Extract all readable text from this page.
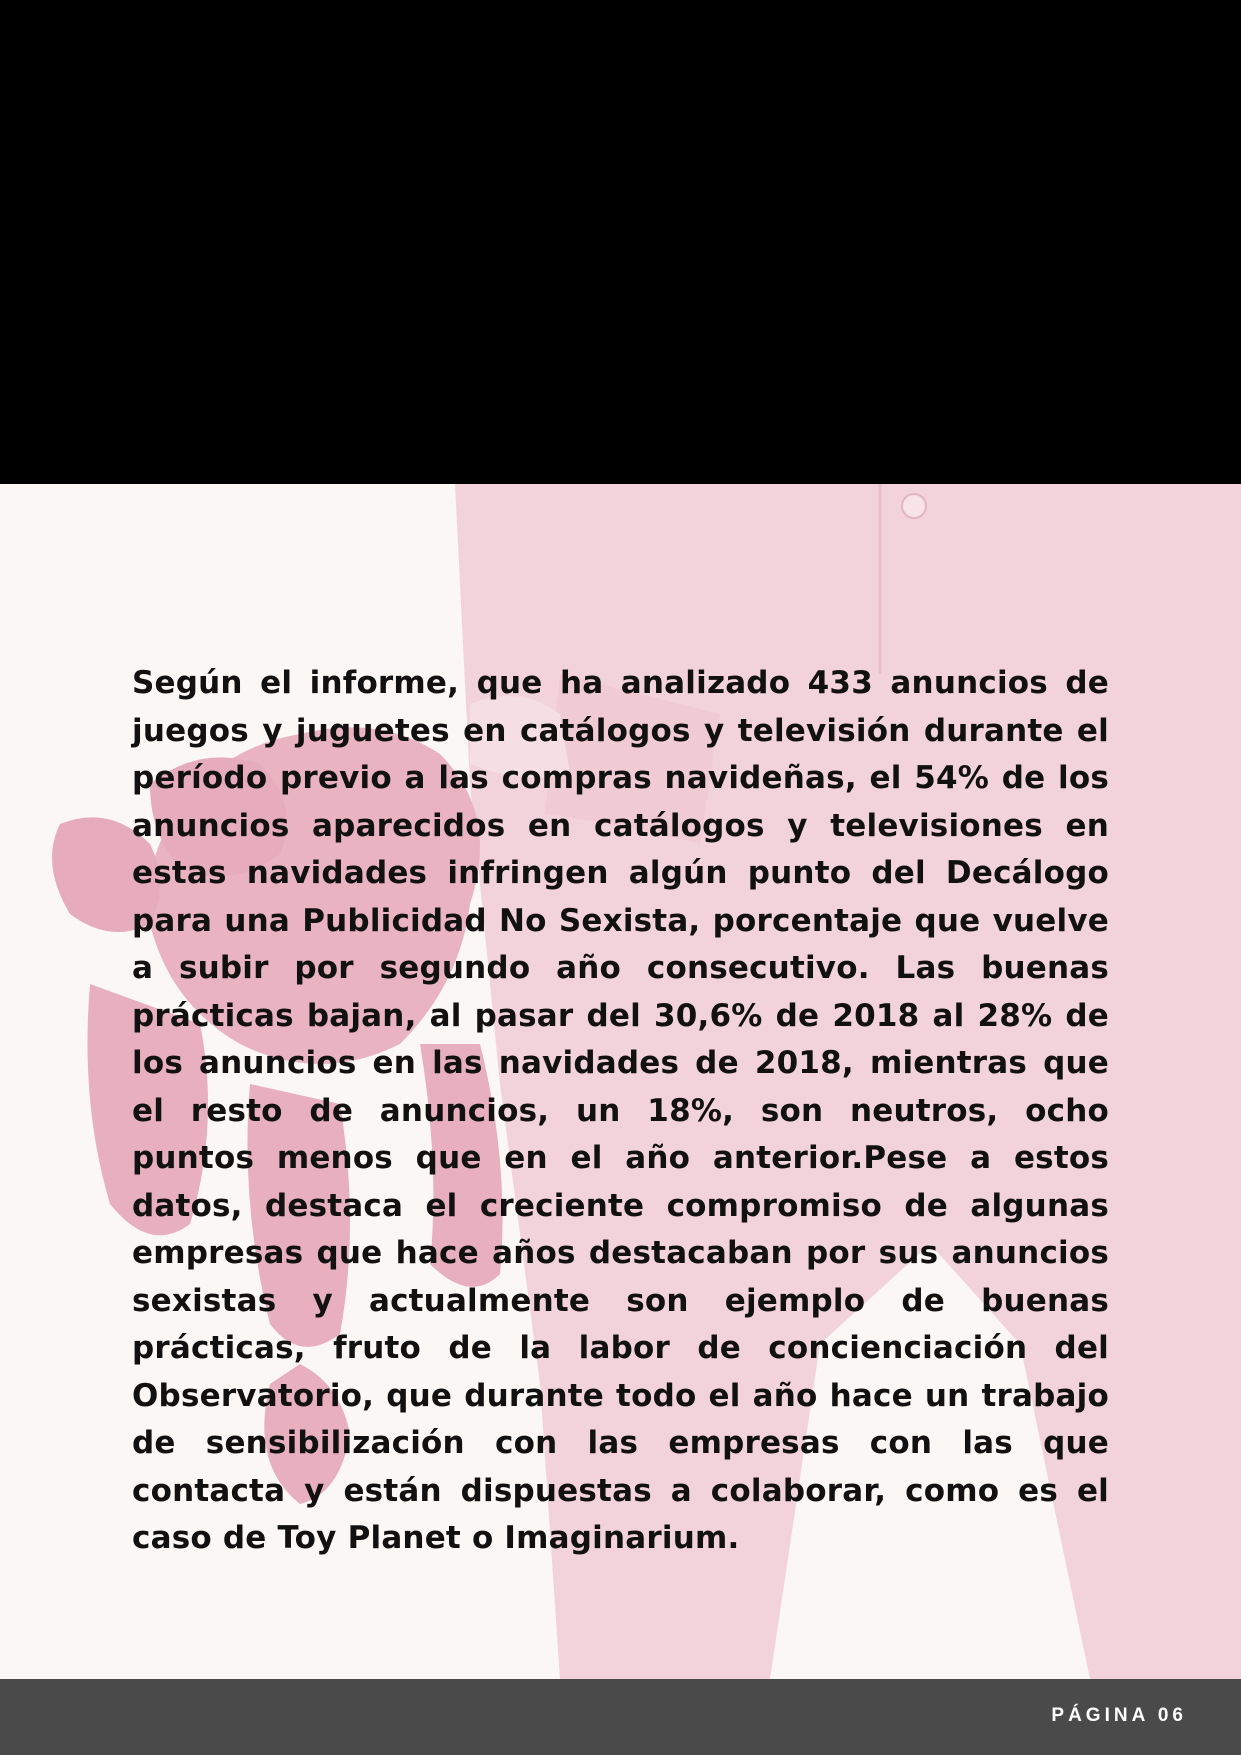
Según el informe, que ha analizado 433 anuncios de juegos y juguetes en catálogos y televisión durante el período previo a las compras navideñas, el 54% de los anuncios aparecidos en catálogos y televisiones en estas navidades infringen algún punto del Decálogo para una Publicidad No Sexista, porcentaje que vuelve a subir por segundo año consecutivo. Las buenas prácticas bajan, al pasar del 30,6% de 2018 al 28% de los anuncios en las navidades de 2018, mientras que el resto de anuncios, un 18%, son neutros, ocho puntos menos que en el año anterior.Pese a estos datos, destaca el creciente compromiso de algunas empresas que hace años destacaban por sus anuncios sexistas y actualmente son ejemplo de buenas prácticas, fruto de la labor de concienciación del Observatorio, que durante todo el año hace un trabajo de sensibilización con las empresas con las que contacta y están dispuestas a colaborar, como es el caso de Toy Planet o Imaginarium.

PÁGINA 06
